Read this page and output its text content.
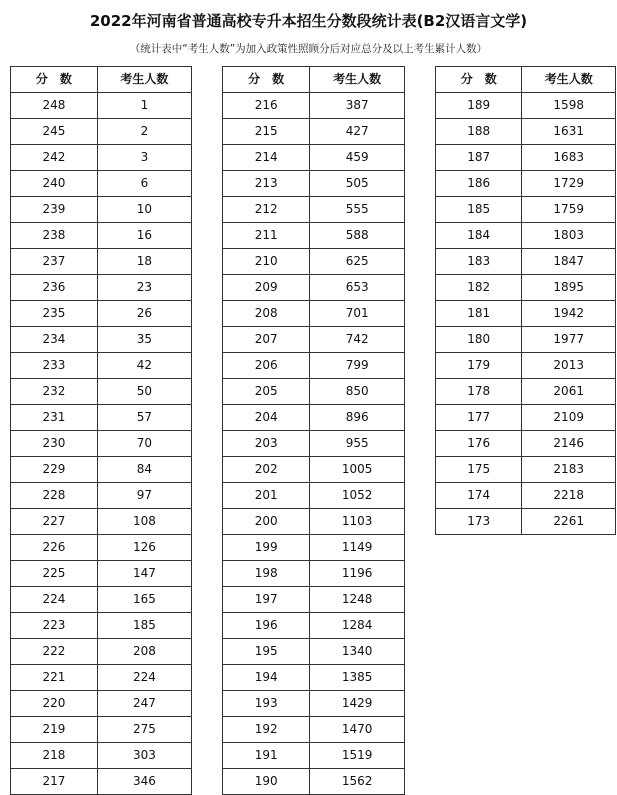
2022年河南省普通高校专升本招生分数段统计表(B2汉语言文学)
（统计表中“考生人数”为加入政策性照顾分后对应总分及以上考生累计人数）
分　数	考生人数
248	1
245	2
242	3
240	6
239	10
238	16
237	18
236	23
235	26
234	35
233	42
232	50
231	57
230	70
229	84
228	97
227	108
226	126
225	147
224	165
223	185
222	208
221	224
220	247
219	275
218	303
217	346
分　数	考生人数
216	387
215	427
214	459
213	505
212	555
211	588
210	625
209	653
208	701
207	742
206	799
205	850
204	896
203	955
202	1005
201	1052
200	1103
199	1149
198	1196
197	1248
196	1284
195	1340
194	1385
193	1429
192	1470
191	1519
190	1562
分　数	考生人数
189	1598
188	1631
187	1683
186	1729
185	1759
184	1803
183	1847
182	1895
181	1942
180	1977
179	2013
178	2061
177	2109
176	2146
175	2183
174	2218
173	2261
